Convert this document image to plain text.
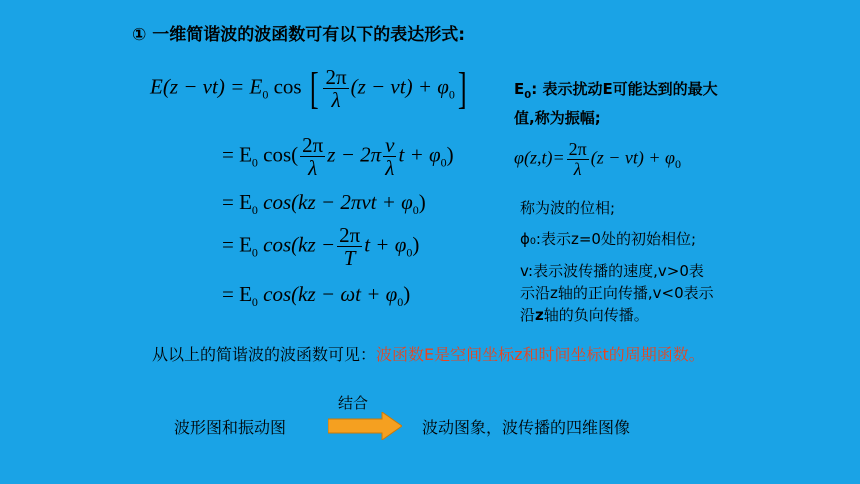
① 一维简谐波的波函数可有以下的表达形式:
$E(z - vt) = E_0$ cos [ $\frac{2\pi}{\lambda} (z - vt) + \varphi_0$]
= $E_0$ $\cos( \frac{2\pi}{\lambda}$ $z - 2\pi \frac{v}{\lambda}$ $t + \varphi_0$)
= $E_0$ $\cos(kz - 2\pi vt + \varphi_0)$
= $E_0$ $\cos(kz - \frac{2\pi}{T}$ $t + \varphi_0$)
= $E_0$ $\cos(kz - \omega t + \varphi_0)$
$E_0$: 表示扰动E可能达到的最大值,称为振幅;
$\varphi(z,t)= \frac{2\pi}{\lambda} (z - vt) + \varphi_0$
称为波的位相;
ϕ₀:表示z=0处的初始相位;
v:表示波传播的速度,v>0表
示沿z轴的正向传播,v<0表示
沿z轴的负向传播。
从以上的简谐波的波函数可见：波函数E是空间坐标z和时间坐标t的周期函数。
结合
波形图和振动图	波动图象，波传播的四维图像
